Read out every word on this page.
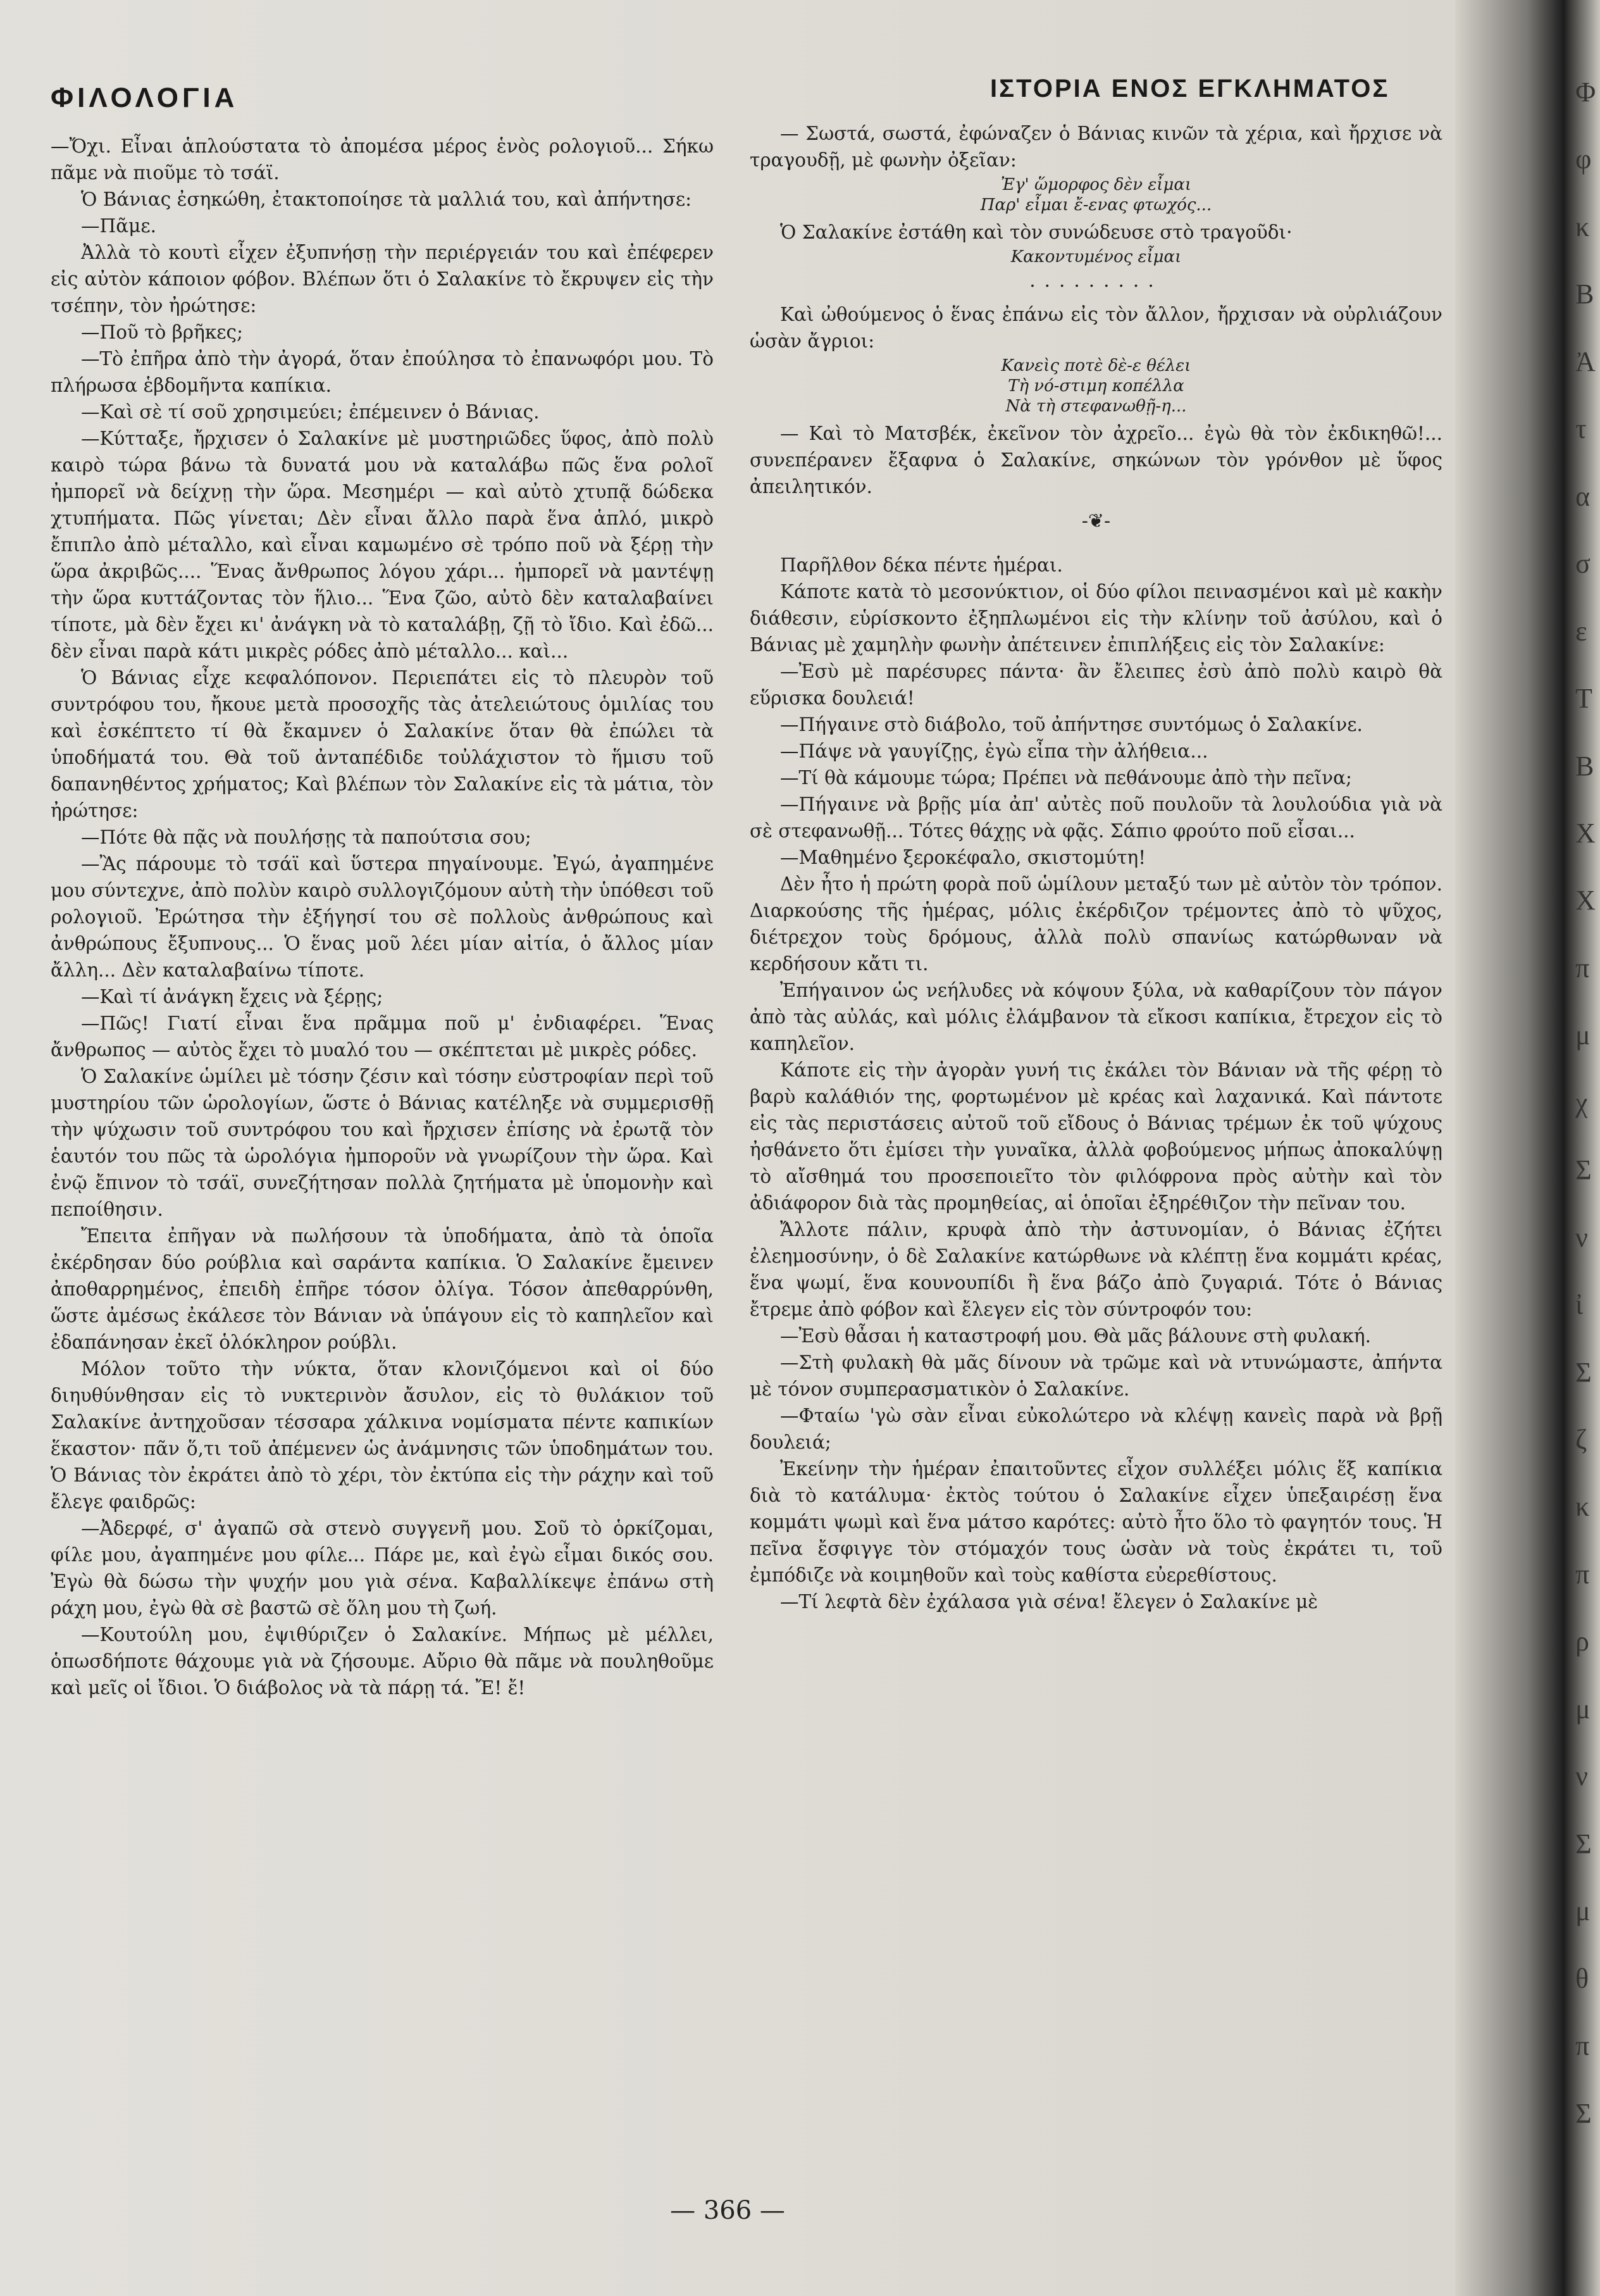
ΦΙΛΟΛΟΓΙΑ	ΙΣΤΟΡΙΑ ΕΝΟΣ ΕΓΚΛΗΜΑΤΟΣ

—Ὄχι. Εἶναι ἁπλούστατα τὸ ἀπομέσα μέρος ἑνὸς ρολογιοῦ... Σήκω πᾶμε νὰ πιοῦμε τὸ τσάϊ.

Ὁ Βάνιας ἐσηκώθη, ἐτακτοποίησε τὰ μαλλιά του, καὶ ἀπήντησε:

—Πᾶμε.

Ἀλλὰ τὸ κουτὶ εἶχεν ἐξυπνήσῃ τὴν περιέργειάν του καὶ ἐπέφερεν εἰς αὐτὸν κάποιον φόβον. Βλέπων ὅτι ὁ Σαλακίνε τὸ ἔκρυψεν εἰς τὴν τσέπην, τὸν ἠρώτησε:

—Ποῦ τὸ βρῆκες;

—Τὸ ἐπῆρα ἀπὸ τὴν ἀγορά, ὅταν ἐπούλησα τὸ ἐπανωφόρι μου. Τὸ πλήρωσα ἑβδομῆντα καπίκια.

—Καὶ σὲ τί σοῦ χρησιμεύει; ἐπέμεινεν ὁ Βάνιας.

—Κύτταξε, ἤρχισεν ὁ Σαλακίνε μὲ μυστηριῶδες ὕφος, ἀπὸ πολὺ καιρὸ τώρα βάνω τὰ δυνατά μου νὰ καταλάβω πῶς ἕνα ρολοῖ ἠμπορεῖ νὰ δείχνῃ τὴν ὥρα. Μεσημέρι — καὶ αὐτὸ χτυπᾷ δώδεκα χτυπήματα. Πῶς γίνεται; Δὲν εἶναι ἄλλο παρὰ ἕνα ἁπλό, μικρὸ ἔπιπλο ἀπὸ μέταλλο, καὶ εἶναι καμωμένο σὲ τρόπο ποῦ νὰ ξέρῃ τὴν ὥρα ἀκριβῶς.... Ἕνας ἄνθρωπος λόγου χάρι... ἠμπορεῖ νὰ μαντέψῃ τὴν ὥρα κυττάζοντας τὸν ἥλιο... Ἕνα ζῶο, αὐτὸ δὲν καταλαβαίνει τίποτε, μὰ δὲν ἔχει κι' ἀνάγκη νὰ τὸ καταλάβῃ, ζῇ τὸ ἴδιο. Καὶ ἐδῶ... δὲν εἶναι παρὰ κάτι μικρὲς ρόδες ἀπὸ μέταλλο... καὶ...

Ὁ Βάνιας εἶχε κεφαλόπονον. Περιεπάτει εἰς τὸ πλευρὸν τοῦ συντρόφου του, ἤκουε μετὰ προσοχῆς τὰς ἀτελειώτους ὁμιλίας του καὶ ἐσκέπτετο τί θὰ ἔκαμνεν ὁ Σαλακίνε ὅταν θὰ ἐπώλει τὰ ὑποδήματά του. Θὰ τοῦ ἀνταπέδιδε τοὐλάχιστον τὸ ἥμισυ τοῦ δαπανηθέντος χρήματος; Καὶ βλέπων τὸν Σαλακίνε εἰς τὰ μάτια, τὸν ἠρώτησε:

—Πότε θὰ πᾷς νὰ πουλήσῃς τὰ παπούτσια σου;

—Ἂς πάρουμε τὸ τσάϊ καὶ ὕστερα πηγαίνουμε. Ἐγώ, ἀγαπημένε μου σύντεχνε, ἀπὸ πολὺν καιρὸ συλλογιζόμουν αὐτὴ τὴν ὑπόθεσι τοῦ ρολογιοῦ. Ἐρώτησα τὴν ἐξήγησί του σὲ πολλοὺς ἀνθρώπους καὶ ἀνθρώπους ἔξυπνους... Ὁ ἕνας μοῦ λέει μίαν αἰτία, ὁ ἄλλος μίαν ἄλλη... Δὲν καταλαβαίνω τίποτε.

—Καὶ τί ἀνάγκη ἔχεις νὰ ξέρῃς;

—Πῶς! Γιατί εἶναι ἕνα πρᾶμμα ποῦ μ' ἐνδιαφέρει. Ἕνας ἄνθρωπος — αὐτὸς ἔχει τὸ μυαλό του — σκέπτεται μὲ μικρὲς ρόδες.

Ὁ Σαλακίνε ὡμίλει μὲ τόσην ζέσιν καὶ τόσην εὐστροφίαν περὶ τοῦ μυστηρίου τῶν ὡρολογίων, ὥστε ὁ Βάνιας κατέληξε νὰ συμμερισθῇ τὴν ψύχωσιν τοῦ συντρόφου του καὶ ἤρχισεν ἐπίσης νὰ ἐρωτᾷ τὸν ἑαυτόν του πῶς τὰ ὡρολόγια ἠμποροῦν νὰ γνωρίζουν τὴν ὥρα. Καὶ ἐνῷ ἔπινον τὸ τσάϊ, συνεζήτησαν πολλὰ ζητήματα μὲ ὑπομονὴν καὶ πεποίθησιν.

Ἔπειτα ἐπῆγαν νὰ πωλήσουν τὰ ὑποδήματα, ἀπὸ τὰ ὁποῖα ἐκέρδησαν δύο ρούβλια καὶ σαράντα καπίκια. Ὁ Σαλακίνε ἔμεινεν ἀποθαρρημένος, ἐπειδὴ ἐπῆρε τόσον ὀλίγα. Τόσον ἀπεθαρρύνθη, ὥστε ἀμέσως ἐκάλεσε τὸν Βάνιαν νὰ ὑπάγουν εἰς τὸ καπηλεῖον καὶ ἐδαπάνησαν ἐκεῖ ὁλόκληρον ρούβλι.

Μόλον τοῦτο τὴν νύκτα, ὅταν κλονιζόμενοι καὶ οἱ δύο διηυθύνθησαν εἰς τὸ νυκτερινὸν ἄσυλον, εἰς τὸ θυλάκιον τοῦ Σαλακίνε ἀντηχοῦσαν τέσσαρα χάλκινα νομίσματα πέντε καπικίων ἕκαστον· πᾶν ὅ,τι τοῦ ἀπέμενεν ὡς ἀνάμνησις τῶν ὑποδημάτων του. Ὁ Βάνιας τὸν ἐκράτει ἀπὸ τὸ χέρι, τὸν ἐκτύπα εἰς τὴν ράχην καὶ τοῦ ἔλεγε φαιδρῶς:

—Ἀδερφέ, σ' ἀγαπῶ σὰ στενὸ συγγενῆ μου. Σοῦ τὸ ὁρκίζομαι, φίλε μου, ἀγαπημένε μου φίλε... Πάρε με, καὶ ἐγὼ εἶμαι δικός σου. Ἐγὼ θὰ δώσω τὴν ψυχήν μου γιὰ σένα. Καβαλλίκεψε ἐπάνω στὴ ράχη μου, ἐγὼ θὰ σὲ βαστῶ σὲ ὅλη μου τὴ ζωή.

—Κουτούλη μου, ἐψιθύριζεν ὁ Σαλακίνε. Μήπως μὲ μέλλει, ὁπωσδήποτε θάχουμε γιὰ νὰ ζήσουμε. Αὔριο θὰ πᾶμε νὰ πουληθοῦμε καὶ μεῖς οἱ ἴδιοι. Ὁ διάβολος νὰ τὰ πάρῃ τά. Ἔ! ἔ!

— Σωστά, σωστά, ἐφώναζεν ὁ Βάνιας κινῶν τὰ χέρια, καὶ ἤρχισε νὰ τραγουδῇ, μὲ φωνὴν ὀξεῖαν:

Ἐγ' ὥμορφος δὲν εἶμαι
Παρ' εἶμαι ἔ-ενας φτωχός...

Ὁ Σαλακίνε ἐστάθη καὶ τὸν συνώδευσε στὸ τραγοῦδι·

Κακοντυμένος εἶμαι
.........

Καὶ ὠθούμενος ὁ ἕνας ἐπάνω εἰς τὸν ἄλλον, ἤρχισαν νὰ οὐρλιάζουν ὡσὰν ἄγριοι:

Κανεὶς ποτὲ δὲ-ε θέλει
Τὴ νό-στιμη κοπέλλα
Νὰ τὴ στεφανωθῇ-η...

— Καὶ τὸ Ματσβέκ, ἐκεῖνον τὸν ἀχρεῖο... ἐγὼ θὰ τὸν ἐκδικηθῶ!... συνεπέρανεν ἔξαφνα ὁ Σαλακίνε, σηκώνων τὸν γρόνθον μὲ ὕφος ἀπειλητικόν.

-❦-

Παρῆλθον δέκα πέντε ἡμέραι.

Κάποτε κατὰ τὸ μεσονύκτιον, οἱ δύο φίλοι πεινασμένοι καὶ μὲ κακὴν διάθεσιν, εὑρίσκοντο ἐξηπλωμένοι εἰς τὴν κλίνην τοῦ ἀσύλου, καὶ ὁ Βάνιας μὲ χαμηλὴν φωνὴν ἀπέτεινεν ἐπιπλήξεις εἰς τὸν Σαλακίνε:

—Ἐσὺ μὲ παρέσυρες πάντα· ἂν ἔλειπες ἐσὺ ἀπὸ πολὺ καιρὸ θὰ εὕρισκα δουλειά!

—Πήγαινε στὸ διάβολο, τοῦ ἀπήντησε συντόμως ὁ Σαλακίνε.

—Πάψε νὰ γαυγίζῃς, ἐγὼ εἶπα τὴν ἀλήθεια...

—Τί θὰ κάμουμε τώρα; Πρέπει νὰ πεθάνουμε ἀπὸ τὴν πεῖνα;

—Πήγαινε νὰ βρῇς μία ἀπ' αὐτὲς ποῦ πουλοῦν τὰ λουλούδια γιὰ νὰ σὲ στεφανωθῇ... Τότες θάχῃς νὰ φᾷς. Σάπιο φρούτο ποῦ εἶσαι...

—Μαθημένο ξεροκέφαλο, σκιστομύτη!

Δὲν ἦτο ἡ πρώτη φορὰ ποῦ ὡμίλουν μεταξύ των μὲ αὐτὸν τὸν τρόπον. Διαρκούσης τῆς ἡμέρας, μόλις ἐκέρδιζον τρέμοντες ἀπὸ τὸ ψῦχος, διέτρεχον τοὺς δρόμους, ἀλλὰ πολὺ σπανίως κατώρθωναν νὰ κερδήσουν κἄτι τι.

Ἐπήγαινον ὡς νεήλυδες νὰ κόψουν ξύλα, νὰ καθαρίζουν τὸν πάγον ἀπὸ τὰς αὐλάς, καὶ μόλις ἐλάμβανον τὰ εἴκοσι καπίκια, ἔτρεχον εἰς τὸ καπηλεῖον.

Κάποτε εἰς τὴν ἀγορὰν γυνή τις ἐκάλει τὸν Βάνιαν νὰ τῆς φέρῃ τὸ βαρὺ καλάθιόν της, φορτωμένον μὲ κρέας καὶ λαχανικά. Καὶ πάντοτε εἰς τὰς περιστάσεις αὐτοῦ τοῦ εἴδους ὁ Βάνιας τρέμων ἐκ τοῦ ψύχους ἠσθάνετο ὅτι ἐμίσει τὴν γυναῖκα, ἀλλὰ φοβούμενος μήπως ἀποκαλύψῃ τὸ αἴσθημά του προσεποιεῖτο τὸν φιλόφρονα πρὸς αὐτὴν καὶ τὸν ἀδιάφορον διὰ τὰς προμηθείας, αἱ ὁποῖαι ἐξηρέθιζον τὴν πεῖναν του.

Ἄλλοτε πάλιν, κρυφὰ ἀπὸ τὴν ἀστυνομίαν, ὁ Βάνιας ἐζήτει ἐλεημοσύνην, ὁ δὲ Σαλακίνε κατώρθωνε νὰ κλέπτῃ ἕνα κομμάτι κρέας, ἕνα ψωμί, ἕνα κουνουπίδι ἢ ἕνα βάζο ἀπὸ ζυγαριά. Τότε ὁ Βάνιας ἔτρεμε ἀπὸ φόβον καὶ ἔλεγεν εἰς τὸν σύντροφόν του:

—Ἐσὺ θἆσαι ἡ καταστροφή μου. Θὰ μᾶς βάλουνε στὴ φυλακή.

—Στὴ φυλακὴ θὰ μᾶς δίνουν νὰ τρῶμε καὶ νὰ ντυνώμαστε, ἀπήντα μὲ τόνον συμπερασματικὸν ὁ Σαλακίνε.

—Φταίω 'γὼ σὰν εἶναι εὐκολώτερο νὰ κλέψῃ κανεὶς παρὰ νὰ βρῇ δουλειά;

Ἐκείνην τὴν ἡμέραν ἐπαιτοῦντες εἶχον συλλέξει μόλις ἕξ καπίκια διὰ τὸ κατάλυμα· ἐκτὸς τούτου ὁ Σαλακίνε εἶχεν ὑπεξαιρέσῃ ἕνα κομμάτι ψωμὶ καὶ ἕνα μάτσο καρότες: αὐτὸ ἦτο ὅλο τὸ φαγητόν τους. Ἡ πεῖνα ἔσφιγγε τὸν στόμαχόν τους ὡσὰν νὰ τοὺς ἐκράτει τι, τοῦ ἐμπόδιζε νὰ κοιμηθοῦν καὶ τοὺς καθίστα εὐερεθίστους.

—Τί λεφτὰ δὲν ἐχάλασα γιὰ σένα! ἔλεγεν ὁ Σαλακίνε μὲ

— 366 —
Φ
φ
κ
Β
Ἀ
τ
α
σ
ε
Τ
Β
Χ
Χ
π
μ
χ
Σ
ν
ἰ
Σ
ζ
κ
π
ρ
μ
ν
Σ
μ
θ
π
Σ
